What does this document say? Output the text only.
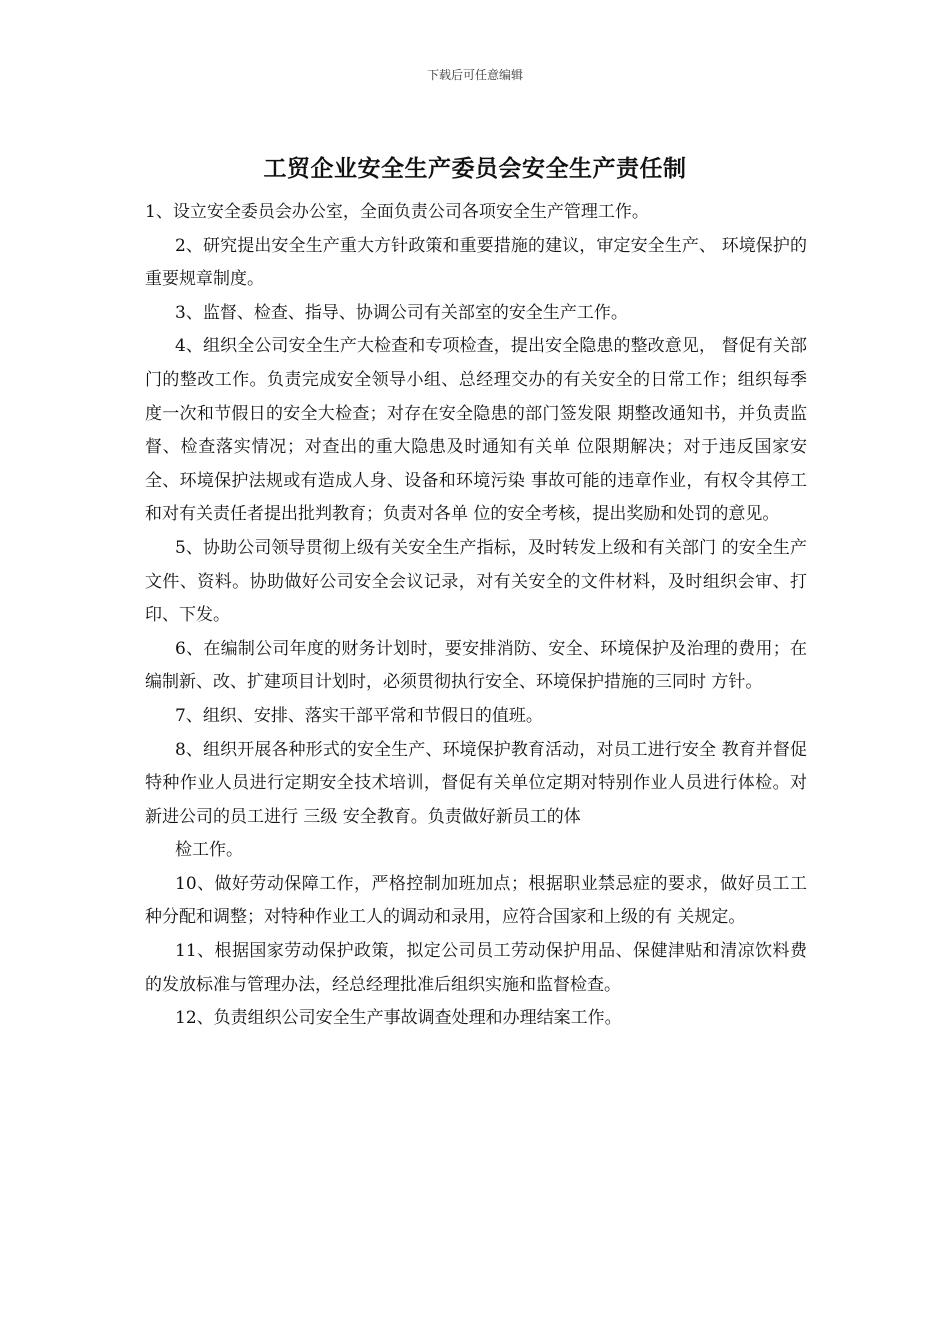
下载后可任意编辑
工贸企业安全生产委员会安全生产责任制

1、设立安全委员会办公室，全面负责公司各项安全生产管理工作。

2、研究提出安全生产重大方针政策和重要措施的建议，审定安全生产、 环境保护的重要规章制度。

3、监督、检查、指导、协调公司有关部室的安全生产工作。

4、组织全公司安全生产大检查和专项检查，提出安全隐患的整改意见， 督促有关部门的整改工作。负责完成安全领导小组、总经理交办的有关安全的日常工作；组织每季度一次和节假日的安全大检查；对存在安全隐患的部门签发限 期整改通知书，并负责监督、检查落实情况；对查出的重大隐患及时通知有关单 位限期解决；对于违反国家安全、环境保护法规或有造成人身、设备和环境污染 事故可能的违章作业，有权令其停工和对有关责任者提出批判教育；负责对各单 位的安全考核，提出奖励和处罚的意见。

5、协助公司领导贯彻上级有关安全生产指标，及时转发上级和有关部门 的安全生产文件、资料。协助做好公司安全会议记录，对有关安全的文件材料，及时组织会审、打印、下发。

6、在编制公司年度的财务计划时，要安排消防、安全、环境保护及治理的费用；在编制新、改、扩建项目计划时，必须贯彻执行安全、环境保护措施的三同时 方针。

7、组织、安排、落实干部平常和节假日的值班。

8、组织开展各种形式的安全生产、环境保护教育活动，对员工进行安全 教育并督促特种作业人员进行定期安全技术培训，督促有关单位定期对特别作业人员进行体检。对新进公司的员工进行 三级 安全教育。负责做好新员工的体

检工作。

10、做好劳动保障工作，严格控制加班加点；根据职业禁忌症的要求，做好员工工种分配和调整；对特种作业工人的调动和录用，应符合国家和上级的有 关规定。

11、根据国家劳动保护政策，拟定公司员工劳动保护用品、保健津贴和清凉饮料费的发放标准与管理办法，经总经理批准后组织实施和监督检查。

12、负责组织公司安全生产事故调查处理和办理结案工作。
